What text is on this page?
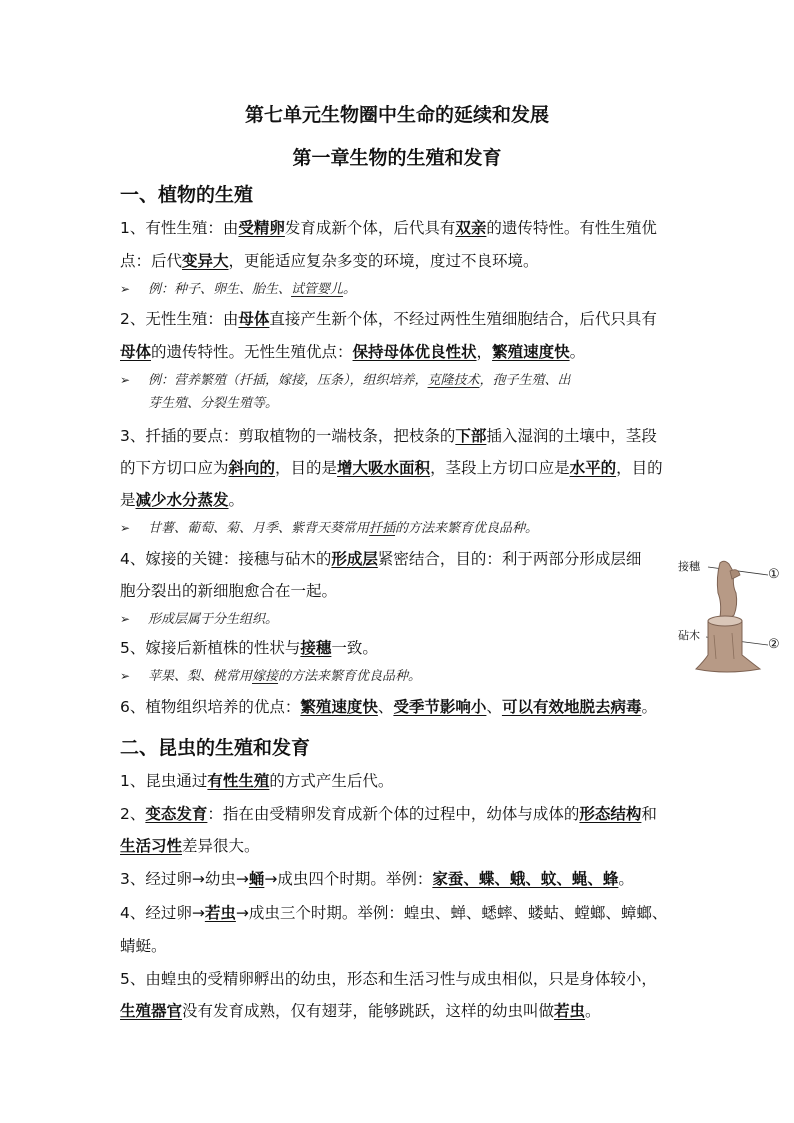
第七单元生物圈中生命的延续和发展
第一章生物的生殖和发育
一、植物的生殖
1、有性生殖：由受精卵发育成新个体，后代具有双亲的遗传特性。有性生殖优
点：后代变异大，更能适应复杂多变的环境，度过不良环境。
➢ 例：种子、卵生、胎生、试管婴儿。
2、无性生殖：由母体直接产生新个体，不经过两性生殖细胞结合，后代只具有
母体的遗传特性。无性生殖优点：保持母体优良性状，繁殖速度快。
➢ 例：营养繁殖（扦插，嫁接，压条），组织培养，克隆技术，孢子生殖、出
芽生殖、分裂生殖等。
3、扦插的要点：剪取植物的一端枝条，把枝条的下部插入湿润的土壤中，茎段
的下方切口应为斜向的，目的是增大吸水面积，茎段上方切口应是水平的，目的
是减少水分蒸发。
➢ 甘薯、葡萄、菊、月季、紫背天葵常用扦插的方法来繁育优良品种。
4、嫁接的关键：接穗与砧木的形成层紧密结合，目的：利于两部分形成层细
胞分裂出的新细胞愈合在一起。
➢ 形成层属于分生组织。
5、嫁接后新植株的性状与接穗一致。
➢ 苹果、梨、桃常用嫁接的方法来繁育优良品种。
6、植物组织培养的优点：繁殖速度快、受季节影响小、可以有效地脱去病毒。
接穗
砧木
①
②
二、昆虫的生殖和发育
1、昆虫通过有性生殖的方式产生后代。
2、变态发育：指在由受精卵发育成新个体的过程中，幼体与成体的形态结构和
生活习性差异很大。
3、经过卵→幼虫→蛹→成虫四个时期。举例：家蚕、蝶、蛾、蚊、蝇、蜂。
4、经过卵→若虫→成虫三个时期。举例：蝗虫、蝉、蟋蟀、蝼蛄、螳螂、蟑螂、
蜻蜓。
5、由蝗虫的受精卵孵出的幼虫，形态和生活习性与成虫相似，只是身体较小，
生殖器官没有发育成熟，仅有翅芽，能够跳跃，这样的幼虫叫做若虫。
